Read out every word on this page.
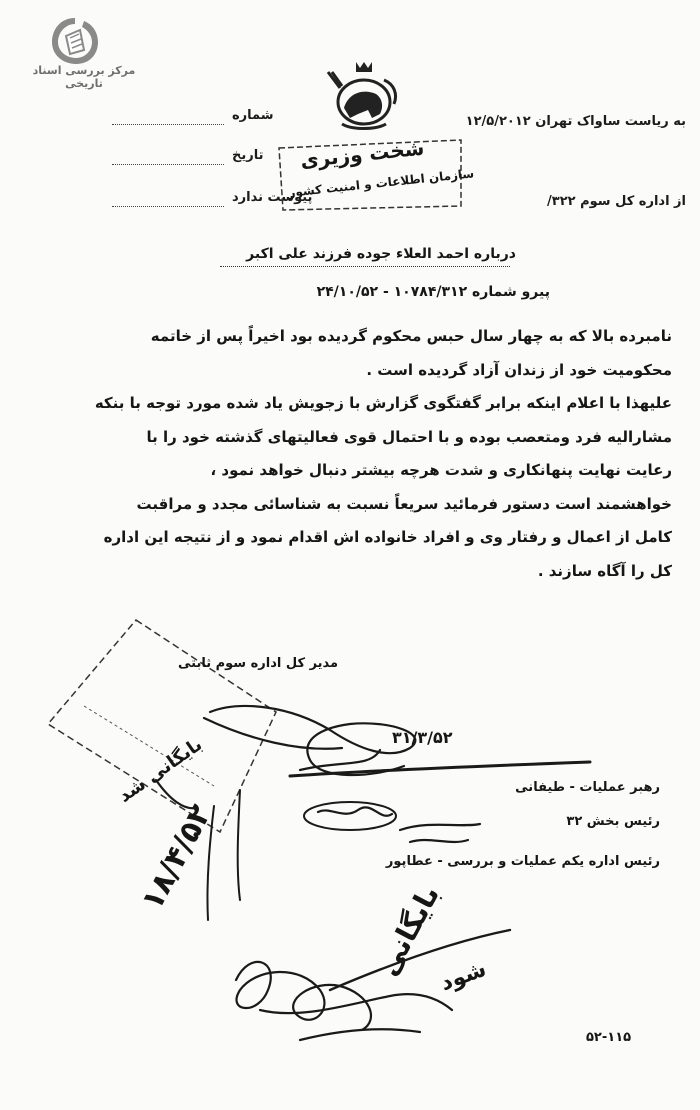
مرکز بررسی اسناد تاریخی
به ریاست ساواک تهران ۱۲/۵/۲۰۱۲
شماره
تاریخ
پیوست ندارد	از اداره کل سوم ۳۲۲/
شخت وزیری
سازمان اطلاعات و امنیت کشور
درباره احمد العلاء جوده فرزند علی اکبر
پیرو شماره ۱۰۷۸۴/۳۱۲ - ۲۴/۱۰/۵۲

نامبرده بالا که به چهار سال حبس محکوم گردیده بود اخیراً پس از خاتمه

محکومیت خود از زندان آزاد گردیده است .

علیهذا با اعلام اینکه برابر گفتگوی گزارش با زجویش یاد شده مورد توجه با بنکه

مشارالیه فرد ومتعصب بوده و با احتمال قوی فعالیتهای گذشته خود را با

رعایت نهایت پنهانکاری و شدت هرچه بیشتر دنبال خواهد نمود ،

خواهشمند است دستور فرمائید سریعاً نسبت به شناسائی مجدد و مراقبت

کامل از اعمال و رفتار وی و افراد خانواده اش اقدام نمود و از نتیجه این اداره

کل را آگاه سازند .

بایگانی شد
۱۸/۴/۵۲
مدیر کل اداره سوم ثابتی
۳۱/۳/۵۲
رهبر عملیات - طیفانی
رئیس بخش ۳۲
رئیس اداره یکم عملیات و بررسی - عطاپور
بایگانی
شود
۵۲-۱۱۵
